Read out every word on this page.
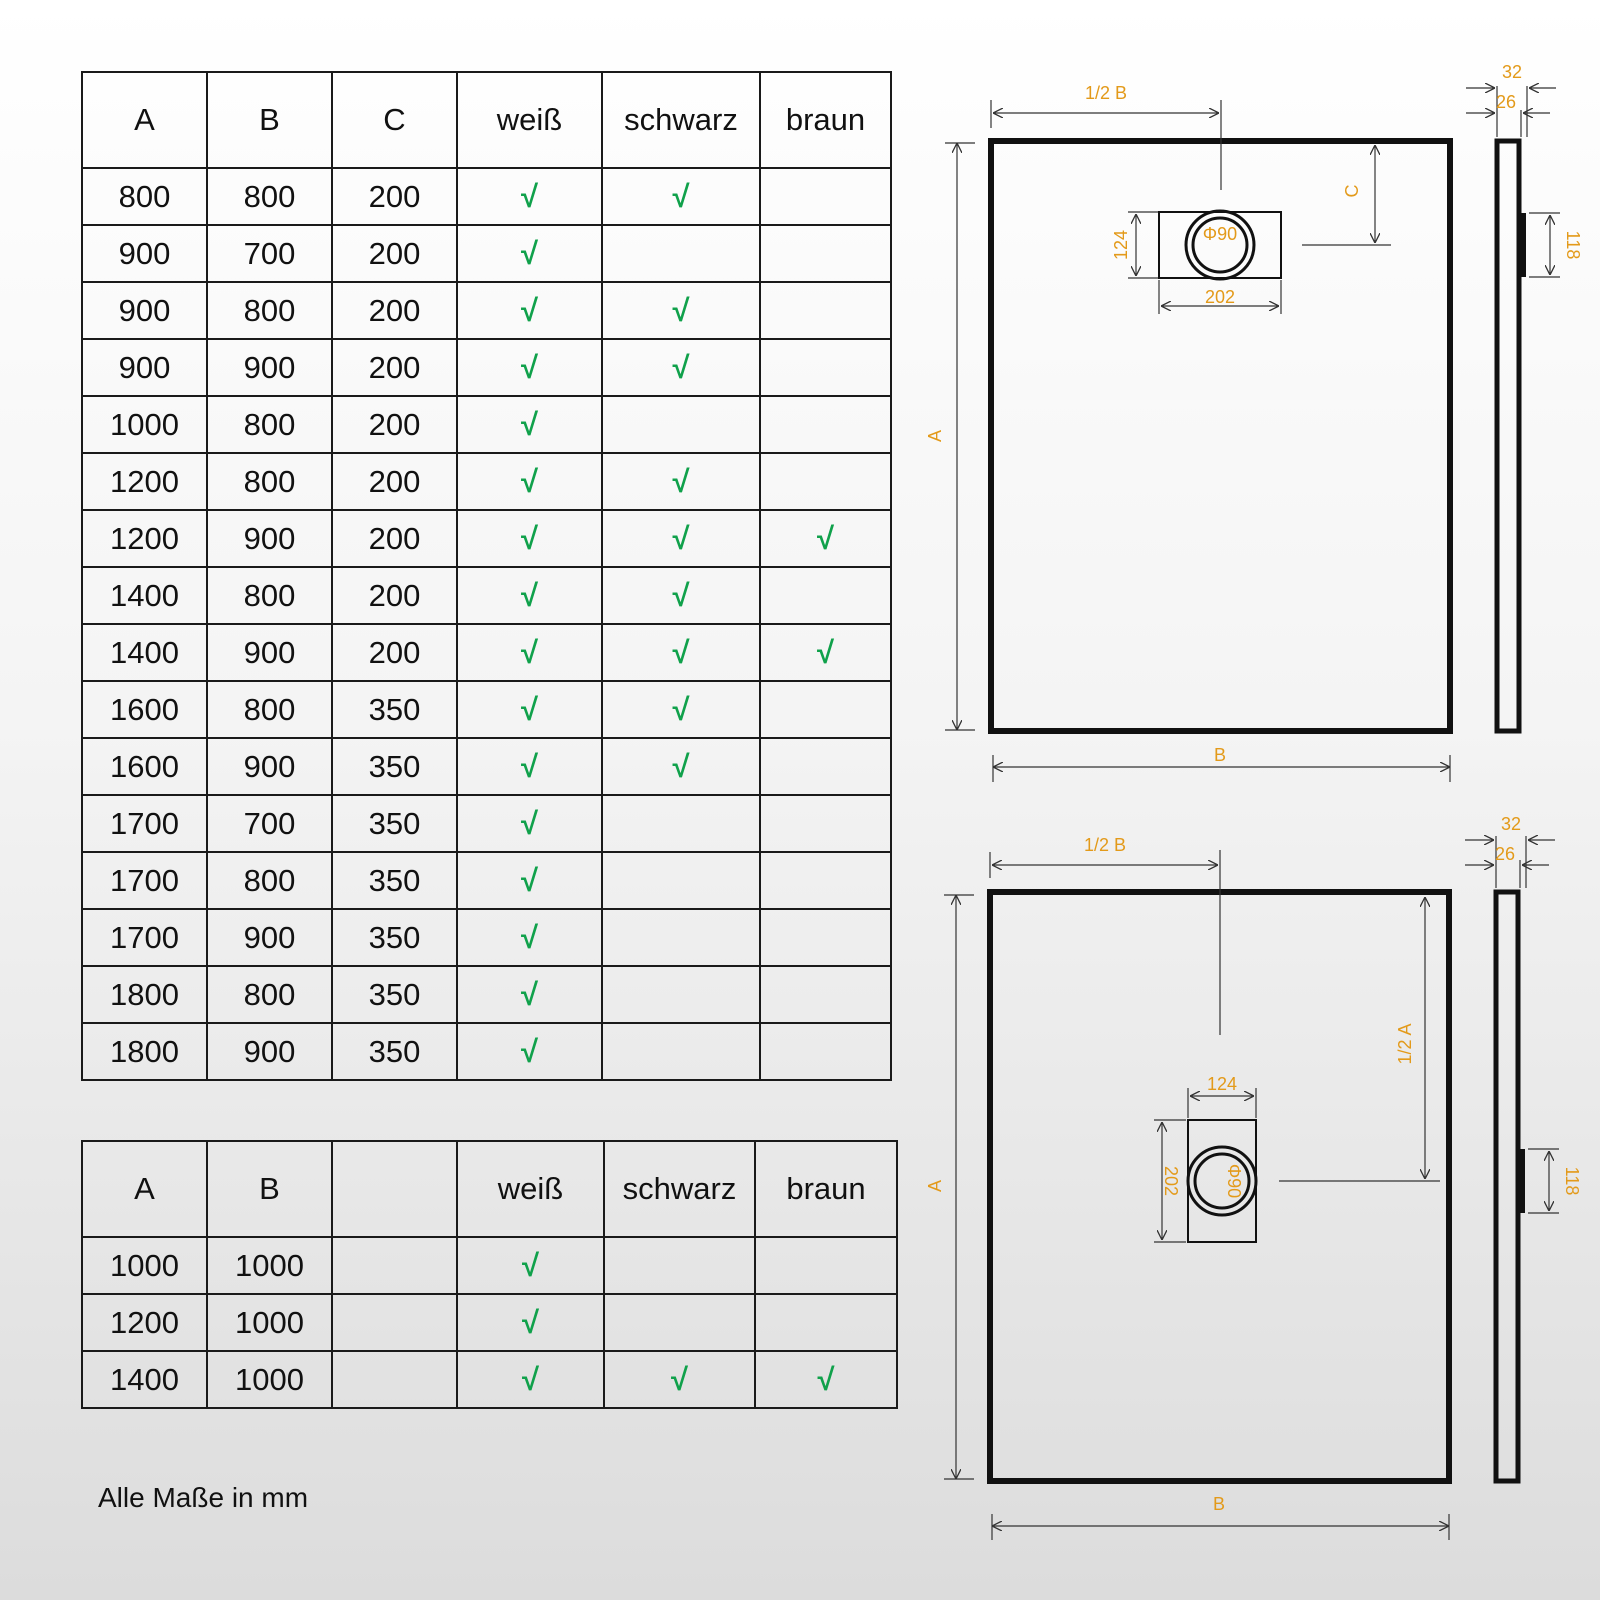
A	B	C	weiß	schwarz	braun
800	800	200	√	√	
900	700	200	√		
900	800	200	√	√	
900	900	200	√	√	
1000	800	200	√		
1200	800	200	√	√	
1200	900	200	√	√	√
1400	800	200	√	√	
1400	900	200	√	√	√
1600	800	350	√	√	
1600	900	350	√	√	
1700	700	350	√		
1700	800	350	√		
1700	900	350	√		
1800	800	350	√		
1800	900	350	√		
A	B		weiß	schwarz	braun
1000	1000		√		
1200	1000		√		
1400	1000		√	√	√
Alle Maße in mm
1/2 B
A
B
C
Φ90
124
202
32
26
118
1/2 B
A
B
1/2 A
Φ90
124
202
32
26
118
